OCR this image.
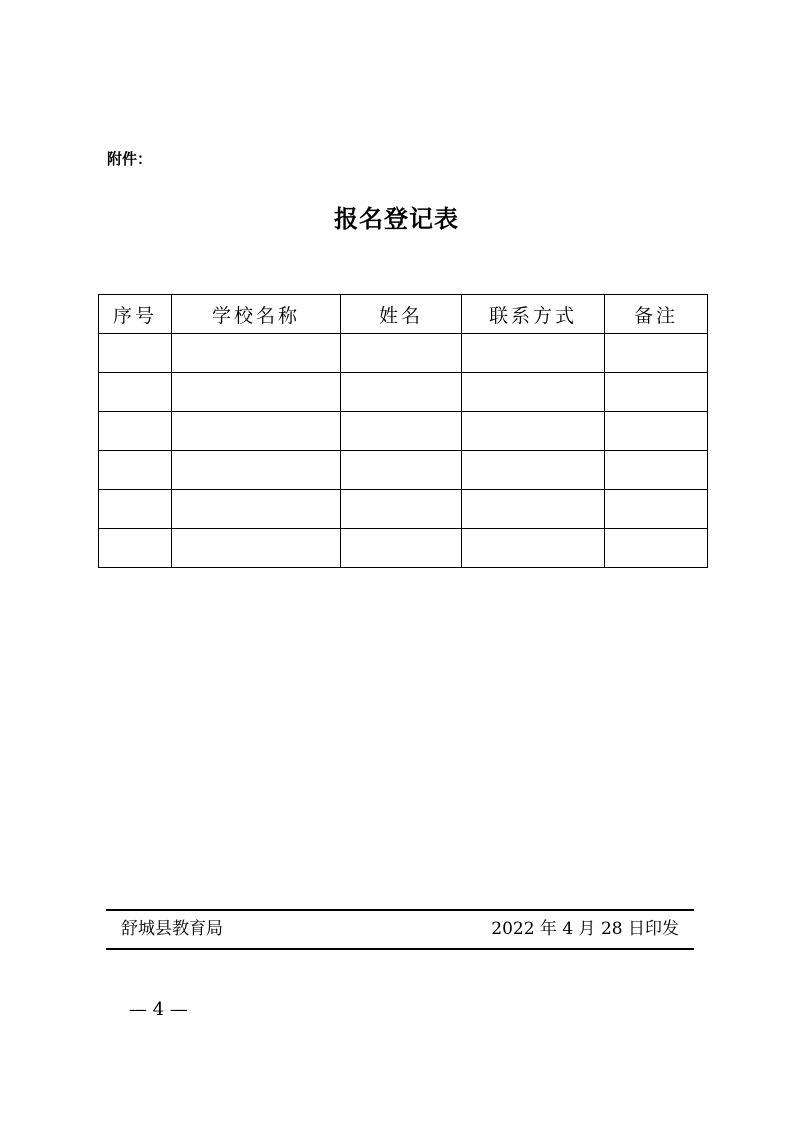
附件：
报名登记表
序号	学校名称	姓名	联系方式	备注

舒城县教育局	2022 年 4 月 28 日印发
— 4 —
